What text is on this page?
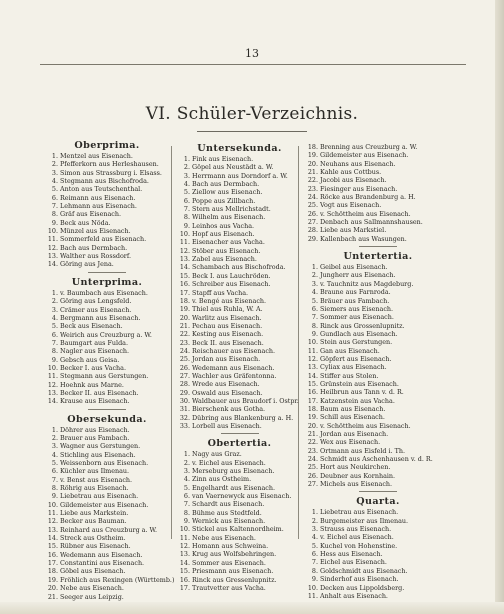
13
VI. Schüler-Verzeichnis.
Oberprima.
1. Mentzel aus Eisenach.
2. Pfefferkorn aus Herleshausen.
3. Simon aus Strassburg i. Elsass.
4. Stegmann aus Bischofroda.
5. Anton aus Teutschenthal.
6. Reimann aus Eisenach.
7. Lehmann aus Eisenach.
8. Gräf aus Eisenach.
9. Beck aus Nöda.
10. Münzel aus Eisenach.
11. Sommerfeld aus Eisenach.
12. Bach aus Dermbach.
13. Walther aus Rossdorf.
14. Göring aus Jena.
Unterprima.
1. v. Baumbach aus Eisenach.
2. Göring aus Lengsfeld.
3. Crämer aus Eisenach.
4. Bergmann aus Eisenach.
5. Beck aus Eisenach.
6. Weirich aus Creuzburg a. W.
7. Baumgart aus Fulda.
8. Nagler aus Eisenach.
9. Gebsch aus Geisa.
10. Becker I. aus Vacha.
11. Stegmann aus Gerstungen.
12. Hoehnk aus Marne.
13. Becker II. aus Eisenach.
14. Krause aus Eisenach.
Obersekunda.
1. Döhrer aus Eisenach.
2. Brauer aus Fambach.
3. Wagner aus Gerstungen.
4. Stichling aus Eisenach.
5. Weissenborn aus Eisenach.
6. Küchler aus Ilmenau.
7. v. Benst aus Eisenach.
8. Röhrig aus Eisenach.
9. Liebetrau aus Eisenach.
10. Gildemeister aus Eisenach.
11. Liebe aus Markstein.
12. Becker aus Bauman.
13. Reinhard aus Creuzburg a. W.
14. Streck aus Ostheim.
15. Rübner aus Eisenach.
16. Wedemann aus Eisenach.
17. Constantini aus Eisenach.
18. Göbel aus Eisenach.
19. Fröhlich aus Rexingen (Württemb.)
20. Nebe aus Eisenach.
21. Seeger aus Leipzig.
Untersekunda.
1. Fink aus Eisenach.
2. Göpel aus Neustädt a. W.
3. Herrmann aus Dorndorf a. W.
4. Bach aus Dermbach.
5. Ziellow aus Eisenach.
6. Poppe aus Zillbach.
7. Stern aus Mellrichstadt.
8. Wilhelm aus Eisenach.
9. Leinhos aus Vacha.
10. Hopf aus Eisenach.
11. Eisenacher aus Vacha.
12. Stöber aus Eisenach.
13. Zabel aus Eisenach.
14. Schambach aus Bischofroda.
15. Beck I. aus Lauchröden.
16. Schreiber aus Eisenach.
17. Stapff aus Vacha.
18. v. Bengé aus Eisenach.
19. Thiel aus Ruhla, W. A.
20. Warlitz aus Eisenach.
21. Pechau aus Eisenach.
22. Kesting aus Eisenach.
23. Beck II. aus Eisenach.
24. Reischauer aus Eisenach.
25. Jordan aus Eisenach.
26. Wedemann aus Eisenach.
27. Wachler aus Gräfentonna.
28. Wrede aus Eisenach.
29. Oswald aus Eisenach.
30. Waldbauer aus Braudorf i. Ostpr.
31. Bierschenk aus Gotha.
32. Dübring aus Blankenburg a. H.
33. Lorbell aus Eisenach.
Obertertia.
1. Nagy aus Graz.
2. v. Eichel aus Eisenach.
3. Merseburg aus Eisenach.
4. Zinn aus Ostheim.
5. Engelhardt aus Eisenach.
6. van Vaernewyck aus Eisenach.
7. Schardt aus Eisenach.
8. Bühme aus Stedtfeld.
9. Wernick aus Eisenach.
10. Stickel aus Kaltennordheim.
11. Nebe aus Eisenach.
12. Homann aus Schweina.
13. Krug aus Wolfsbehringen.
14. Sommer aus Eisenach.
15. Priesmann aus Eisenach.
16. Rinck aus Gressenlupnitz.
17. Trautvetter aus Vacha.
18. Brenning aus Creuzburg a. W.
19. Gildemeister aus Eisenach.
20. Neuhans aus Eisenach.
21. Kahle aus Cottbus.
22. Jacobi aus Eisenach.
23. Fiesinger aus Eisenach.
24. Röcke aus Brandenburg a. H.
25. Vogt aus Eisenach.
26. v. Schöttheim aus Eisenach.
27. Denbach aus Sallmannshausen.
28. Liebe aus Markstiel.
29. Kallenbach aus Wasungen.
Untertertia.
1. Geibel aus Eisenach.
2. Jungherr aus Eisenach.
3. v. Tauchnitz aus Magdeburg.
4. Braune aus Farnroda.
5. Bräuer aus Fambach.
6. Siemers aus Eisenach.
7. Sommer aus Eisenach.
8. Rinck aus Grossenlupnitz.
9. Gundlach aus Eisenach.
10. Stein aus Gerstungen.
11. Gan aus Eisenach.
12. Göpfert aus Eisenach.
13. Cyliax aus Eisenach.
14. Stiffer aus Stolen.
15. Grünstein aus Eisenach.
16. Heilbrun aus Tann v. d. R.
17. Katzenstein aus Vacha.
18. Baum aus Eisenach.
19. Schill aus Eisenach.
20. v. Schöttheim aus Eisenach.
21. Jordan aus Eisenach.
22. Wex aus Eisenach.
23. Ortmann aus Eisfeld i. Th.
24. Schmidt aus Aschenhausen v. d. R.
25. Hort aus Neukirchen.
26. Deubner aus Kornhain.
27. Michels aus Eisenach.
Quarta.
1. Liebetrau aus Eisenach.
2. Burgemeister aus Ilmenau.
3. Strauss aus Eisenach.
4. v. Eichel aus Eisenach.
5. Kuchel von Hohenstine.
6. Hess aus Eisenach.
7. Eichel aus Eisenach.
8. Goldschmidt aus Eisenach.
9. Sinderhof aus Eisenach.
10. Decken aus Lippoldsberg.
11. Anhalt aus Eisenach.
